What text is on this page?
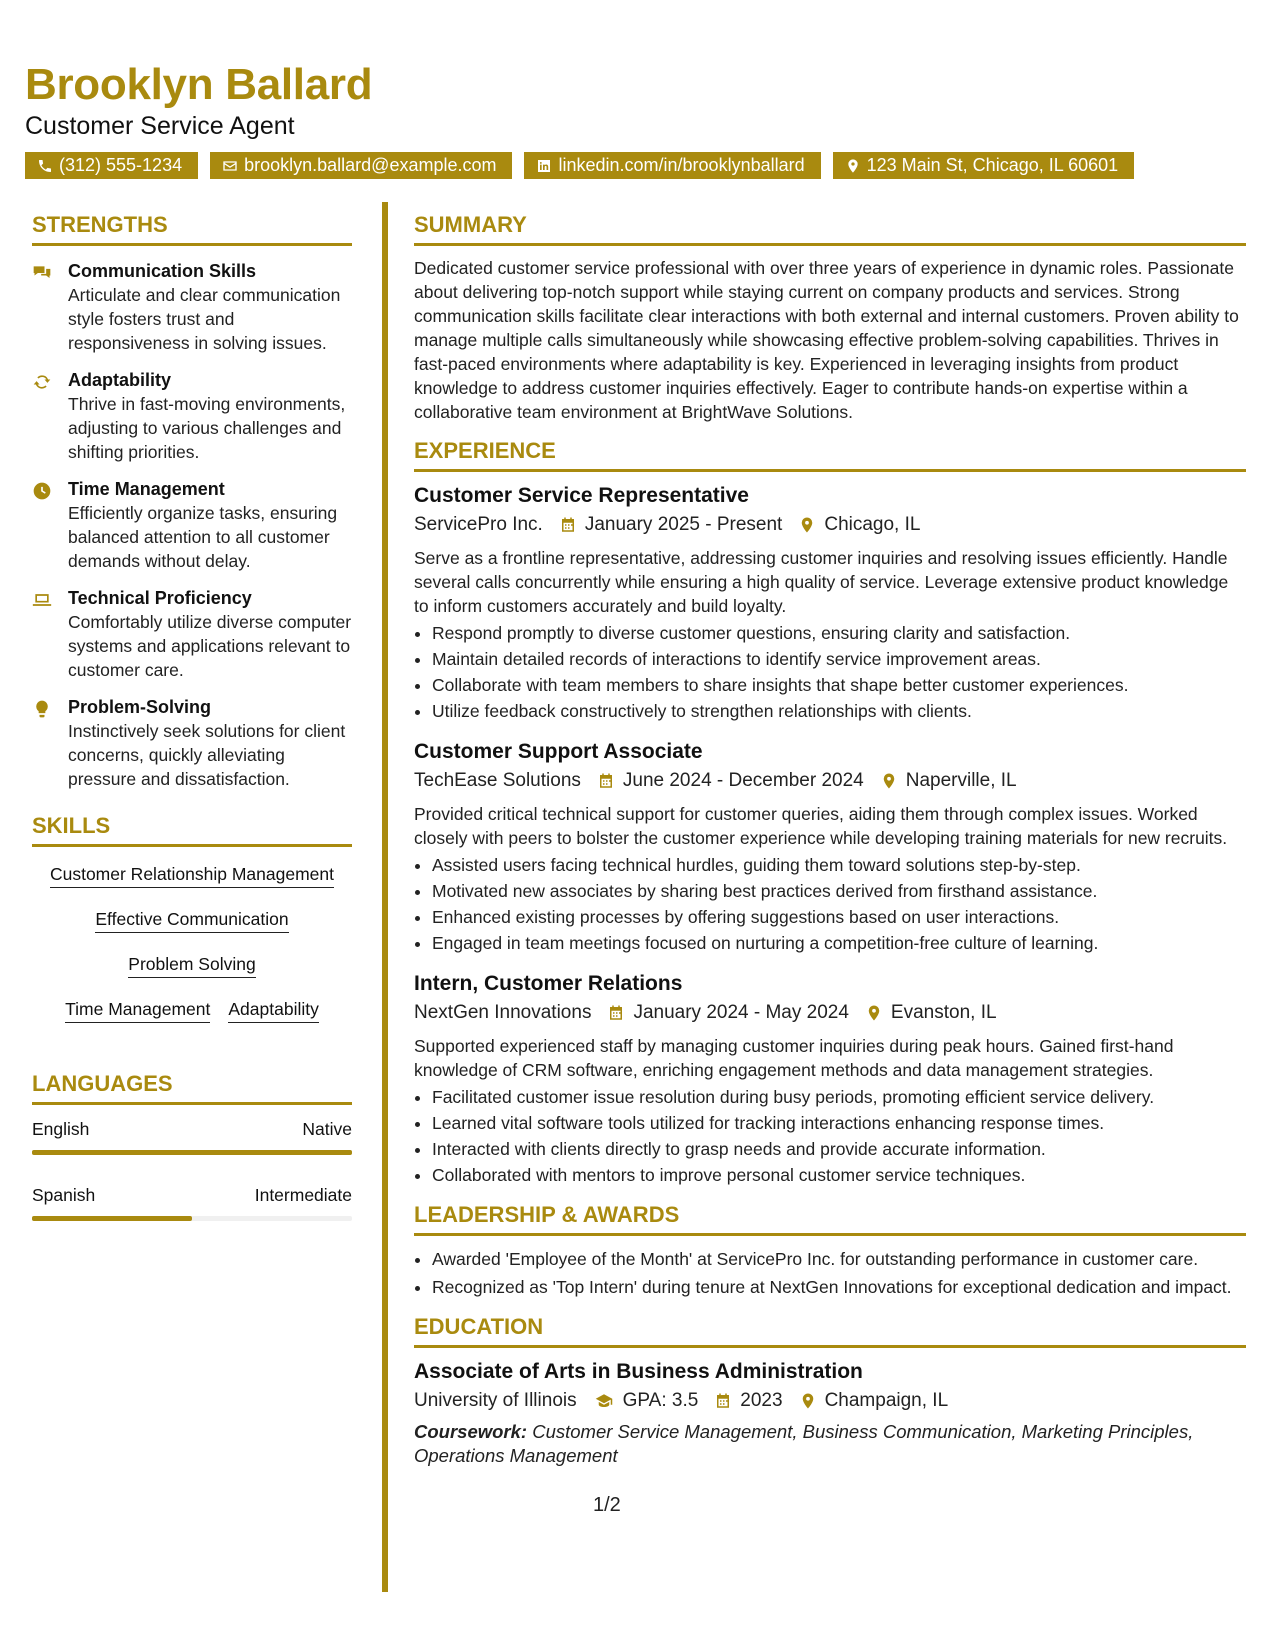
Brooklyn Ballard
Customer Service Agent
(312) 555-1234	brooklyn.ballard@example.com	linkedin.com/in/brooklynballard	123 Main St, Chicago, IL 60601
STRENGTHS
Communication Skills
Articulate and clear communication style fosters trust and responsiveness in solving issues.
Adaptability
Thrive in fast-moving environments, adjusting to various challenges and shifting priorities.
Time Management
Efficiently organize tasks, ensuring balanced attention to all customer demands without delay.
Technical Proficiency
Comfortably utilize diverse computer systems and applications relevant to customer care.
Problem-Solving
Instinctively seek solutions for client concerns, quickly alleviating pressure and dissatisfaction.
SKILLS
Customer Relationship Management
Effective Communication
Problem Solving
Time Management Adaptability
LANGUAGES
English	Native
Spanish	Intermediate
SUMMARY
Dedicated customer service professional with over three years of experience in dynamic roles. Passionate about delivering top-notch support while staying current on company products and services. Strong communication skills facilitate clear interactions with both external and internal customers. Proven ability to manage multiple calls simultaneously while showcasing effective problem-solving capabilities. Thrives in fast-paced environments where adaptability is key. Experienced in leveraging insights from product knowledge to address customer inquiries effectively. Eager to contribute hands-on expertise within a collaborative team environment at BrightWave Solutions.
EXPERIENCE
Customer Service Representative
ServicePro Inc. January 2025 - Present Chicago, IL
Serve as a frontline representative, addressing customer inquiries and resolving issues efficiently. Handle several calls concurrently while ensuring a high quality of service. Leverage extensive product knowledge to inform customers accurately and build loyalty.
• Respond promptly to diverse customer questions, ensuring clarity and satisfaction.
• Maintain detailed records of interactions to identify service improvement areas.
• Collaborate with team members to share insights that shape better customer experiences.
• Utilize feedback constructively to strengthen relationships with clients.
Customer Support Associate
TechEase Solutions June 2024 - December 2024 Naperville, IL
Provided critical technical support for customer queries, aiding them through complex issues. Worked closely with peers to bolster the customer experience while developing training materials for new recruits.
• Assisted users facing technical hurdles, guiding them toward solutions step-by-step.
• Motivated new associates by sharing best practices derived from firsthand assistance.
• Enhanced existing processes by offering suggestions based on user interactions.
• Engaged in team meetings focused on nurturing a competition-free culture of learning.
Intern, Customer Relations
NextGen Innovations January 2024 - May 2024 Evanston, IL
Supported experienced staff by managing customer inquiries during peak hours. Gained first-hand knowledge of CRM software, enriching engagement methods and data management strategies.
• Facilitated customer issue resolution during busy periods, promoting efficient service delivery.
• Learned vital software tools utilized for tracking interactions enhancing response times.
• Interacted with clients directly to grasp needs and provide accurate information.
• Collaborated with mentors to improve personal customer service techniques.
LEADERSHIP & AWARDS
• Awarded 'Employee of the Month' at ServicePro Inc. for outstanding performance in customer care.
• Recognized as 'Top Intern' during tenure at NextGen Innovations for exceptional dedication and impact.
EDUCATION
Associate of Arts in Business Administration
University of Illinois GPA: 3.5 2023 Champaign, IL
Coursework: Customer Service Management, Business Communication, Marketing Principles, Operations Management
1/2
